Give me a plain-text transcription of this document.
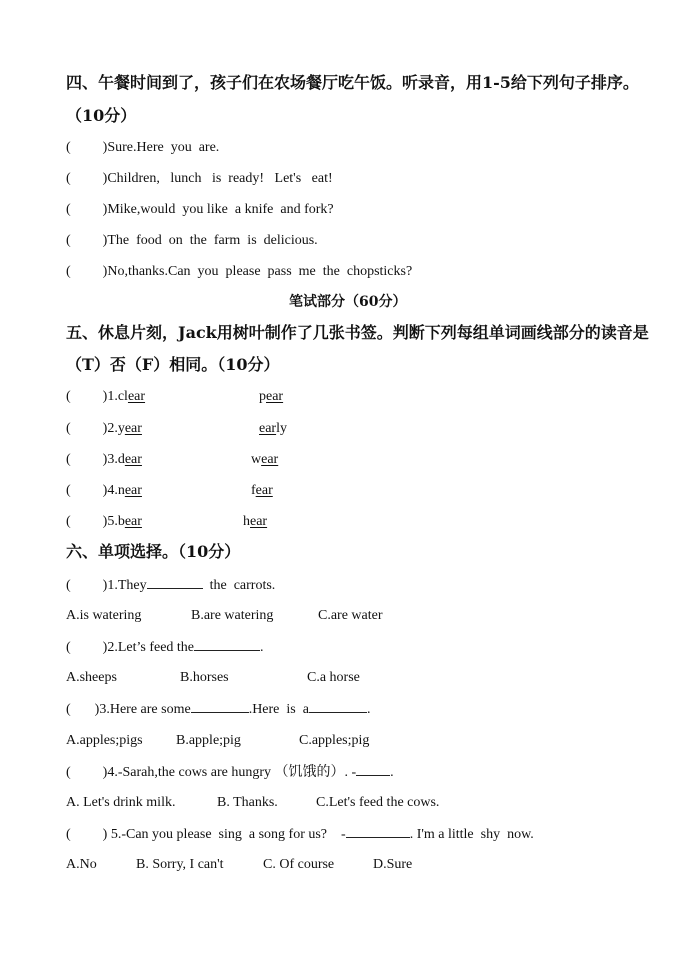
四、午餐时间到了，孩子们在农场餐厅吃午饭。听录音，用1-5给下列句子排序。
（10分）
( )Sure.Here  you  are.
( )Children,   lunch   is  ready!   Let's   eat!
( )Mike,would  you like  a knife  and fork?
( )The  food  on  the  farm  is  delicious.
( )No,thanks.Can  you  please  pass  me  the  chopsticks?
笔试部分（60分）
五、休息片刻，Jack用树叶制作了几张书签。判断下列每组单词画线部分的读音是
（T）否（F）相同。（10分）
( )1.clear	pear
( )2.year	early
( )3.dear	wear
( )4.near	fear
( )5.bear	hear
六、单项选择。（10分）
( )1.They	the  carrots.
A.is watering	B.are watering	C.are water
( )2.Let’s feed the	.
A.sheeps	B.horses	C.a horse
( )3.Here are some	.Here  is  a	.
A.apples;pigs B.apple;pig	C.apples;pig
( )4.-Sarah,the cows are hungry （饥饿的）. - .
A. Let's drink milk.	B. Thanks.	C.Let's feed the cows.
( ) 5.-Can you please  sing  a song for us?    -	. I'm a little  shy  now.
A.No	B. Sorry, I can't	C. Of course	D.Sure
